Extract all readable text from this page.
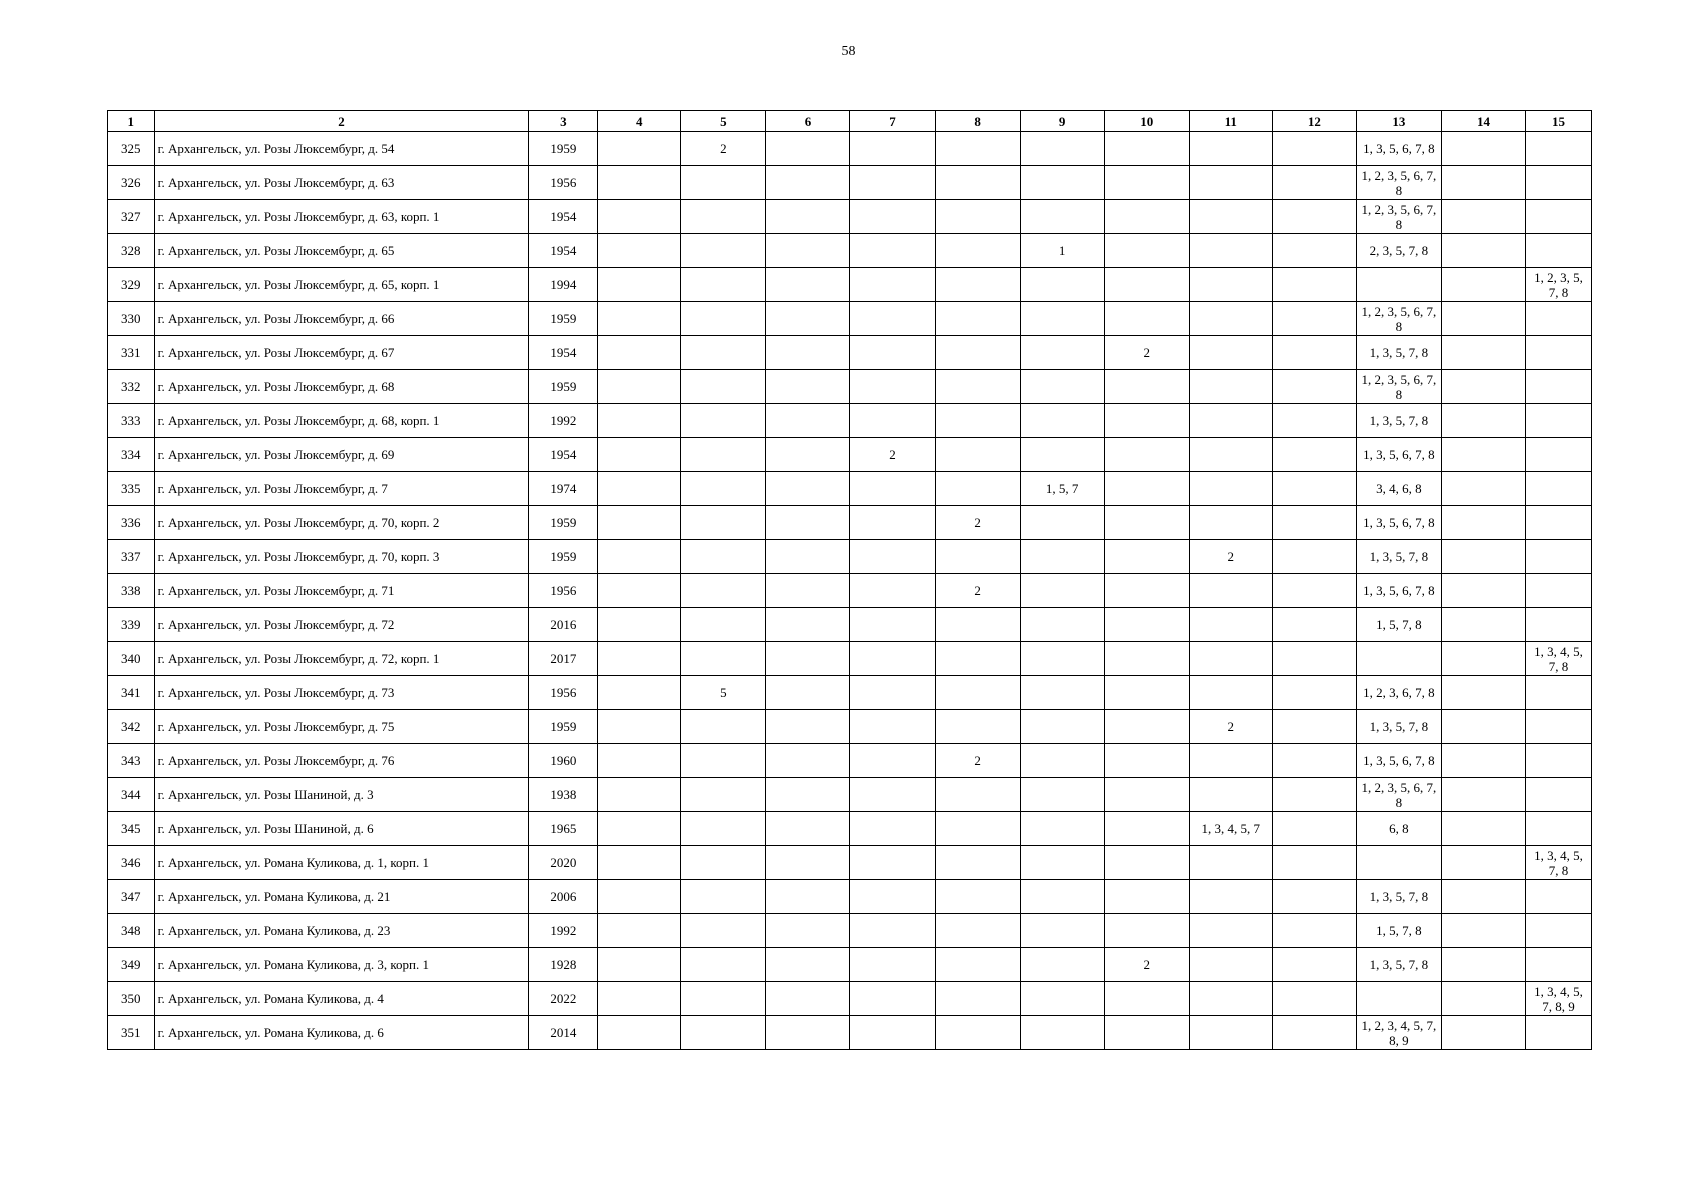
58
1	2	3	4	5	6	7	8	9	10	11	12	13	14	15
325	г. Архангельск, ул. Розы Люксембург, д. 54	1959		2								1, 3, 5, 6, 7, 8		
326	г. Архангельск, ул. Розы Люксембург, д. 63	1956										1, 2, 3, 5, 6, 7, 8		
327	г. Архангельск, ул. Розы Люксембург, д. 63, корп. 1	1954										1, 2, 3, 5, 6, 7, 8		
328	г. Архангельск, ул. Розы Люксембург, д. 65	1954						1				2, 3, 5, 7, 8		
329	г. Архангельск, ул. Розы Люксембург, д. 65, корп. 1	1994												1, 2, 3, 5, 7, 8
330	г. Архангельск, ул. Розы Люксембург, д. 66	1959										1, 2, 3, 5, 6, 7, 8		
331	г. Архангельск, ул. Розы Люксембург, д. 67	1954							2			1, 3, 5, 7, 8		
332	г. Архангельск, ул. Розы Люксембург, д. 68	1959										1, 2, 3, 5, 6, 7, 8		
333	г. Архангельск, ул. Розы Люксембург, д. 68, корп. 1	1992										1, 3, 5, 7, 8		
334	г. Архангельск, ул. Розы Люксембург, д. 69	1954				2						1, 3, 5, 6, 7, 8		
335	г. Архангельск, ул. Розы Люксембург, д. 7	1974						1, 5, 7				3, 4, 6, 8		
336	г. Архангельск, ул. Розы Люксембург, д. 70, корп. 2	1959					2					1, 3, 5, 6, 7, 8		
337	г. Архангельск, ул. Розы Люксембург, д. 70, корп. 3	1959								2		1, 3, 5, 7, 8		
338	г. Архангельск, ул. Розы Люксембург, д. 71	1956					2					1, 3, 5, 6, 7, 8		
339	г. Архангельск, ул. Розы Люксембург, д. 72	2016										1, 5, 7, 8		
340	г. Архангельск, ул. Розы Люксембург, д. 72, корп. 1	2017												1, 3, 4, 5, 7, 8
341	г. Архангельск, ул. Розы Люксембург, д. 73	1956		5								1, 2, 3, 6, 7, 8		
342	г. Архангельск, ул. Розы Люксембург, д. 75	1959								2		1, 3, 5, 7, 8		
343	г. Архангельск, ул. Розы Люксембург, д. 76	1960					2					1, 3, 5, 6, 7, 8		
344	г. Архангельск, ул. Розы Шаниной, д. 3	1938										1, 2, 3, 5, 6, 7, 8		
345	г. Архангельск, ул. Розы Шаниной, д. 6	1965								1, 3, 4, 5, 7		6, 8		
346	г. Архангельск, ул. Романа Куликова, д. 1, корп. 1	2020												1, 3, 4, 5, 7, 8
347	г. Архангельск, ул. Романа Куликова, д. 21	2006										1, 3, 5, 7, 8		
348	г. Архангельск, ул. Романа Куликова, д. 23	1992										1, 5, 7, 8		
349	г. Архангельск, ул. Романа Куликова, д. 3, корп. 1	1928							2			1, 3, 5, 7, 8		
350	г. Архангельск, ул. Романа Куликова, д. 4	2022												1, 3, 4, 5, 7, 8, 9
351	г. Архангельск, ул. Романа Куликова, д. 6	2014										1, 2, 3, 4, 5, 7, 8, 9		
